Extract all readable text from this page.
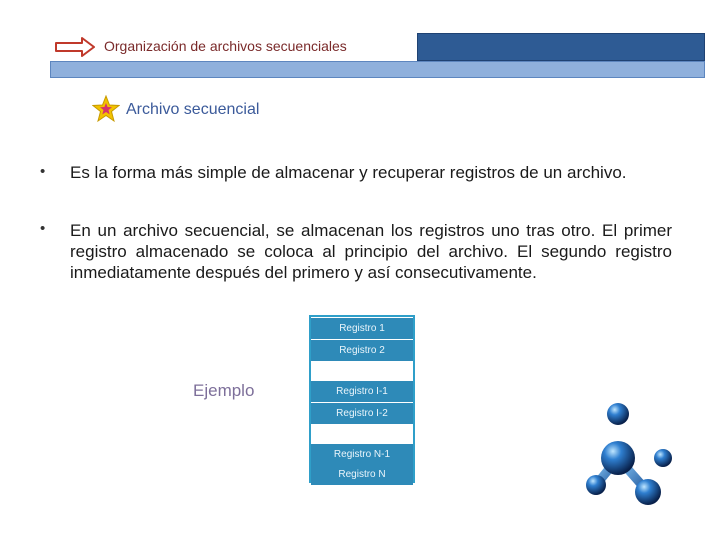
Organización de archivos secuenciales
Archivo secuencial
• Es la forma más simple de almacenar y recuperar registros de un archivo.
• En un archivo secuencial, se almacenan los registros uno tras otro. El primer registro almacenado se coloca al principio del archivo. El segundo registro inmediatamente después del primero y así consecutivamente.
Ejemplo
Registro 1
Registro 2
Registro I-1
Registro I-2
Registro N-1
Registro N
